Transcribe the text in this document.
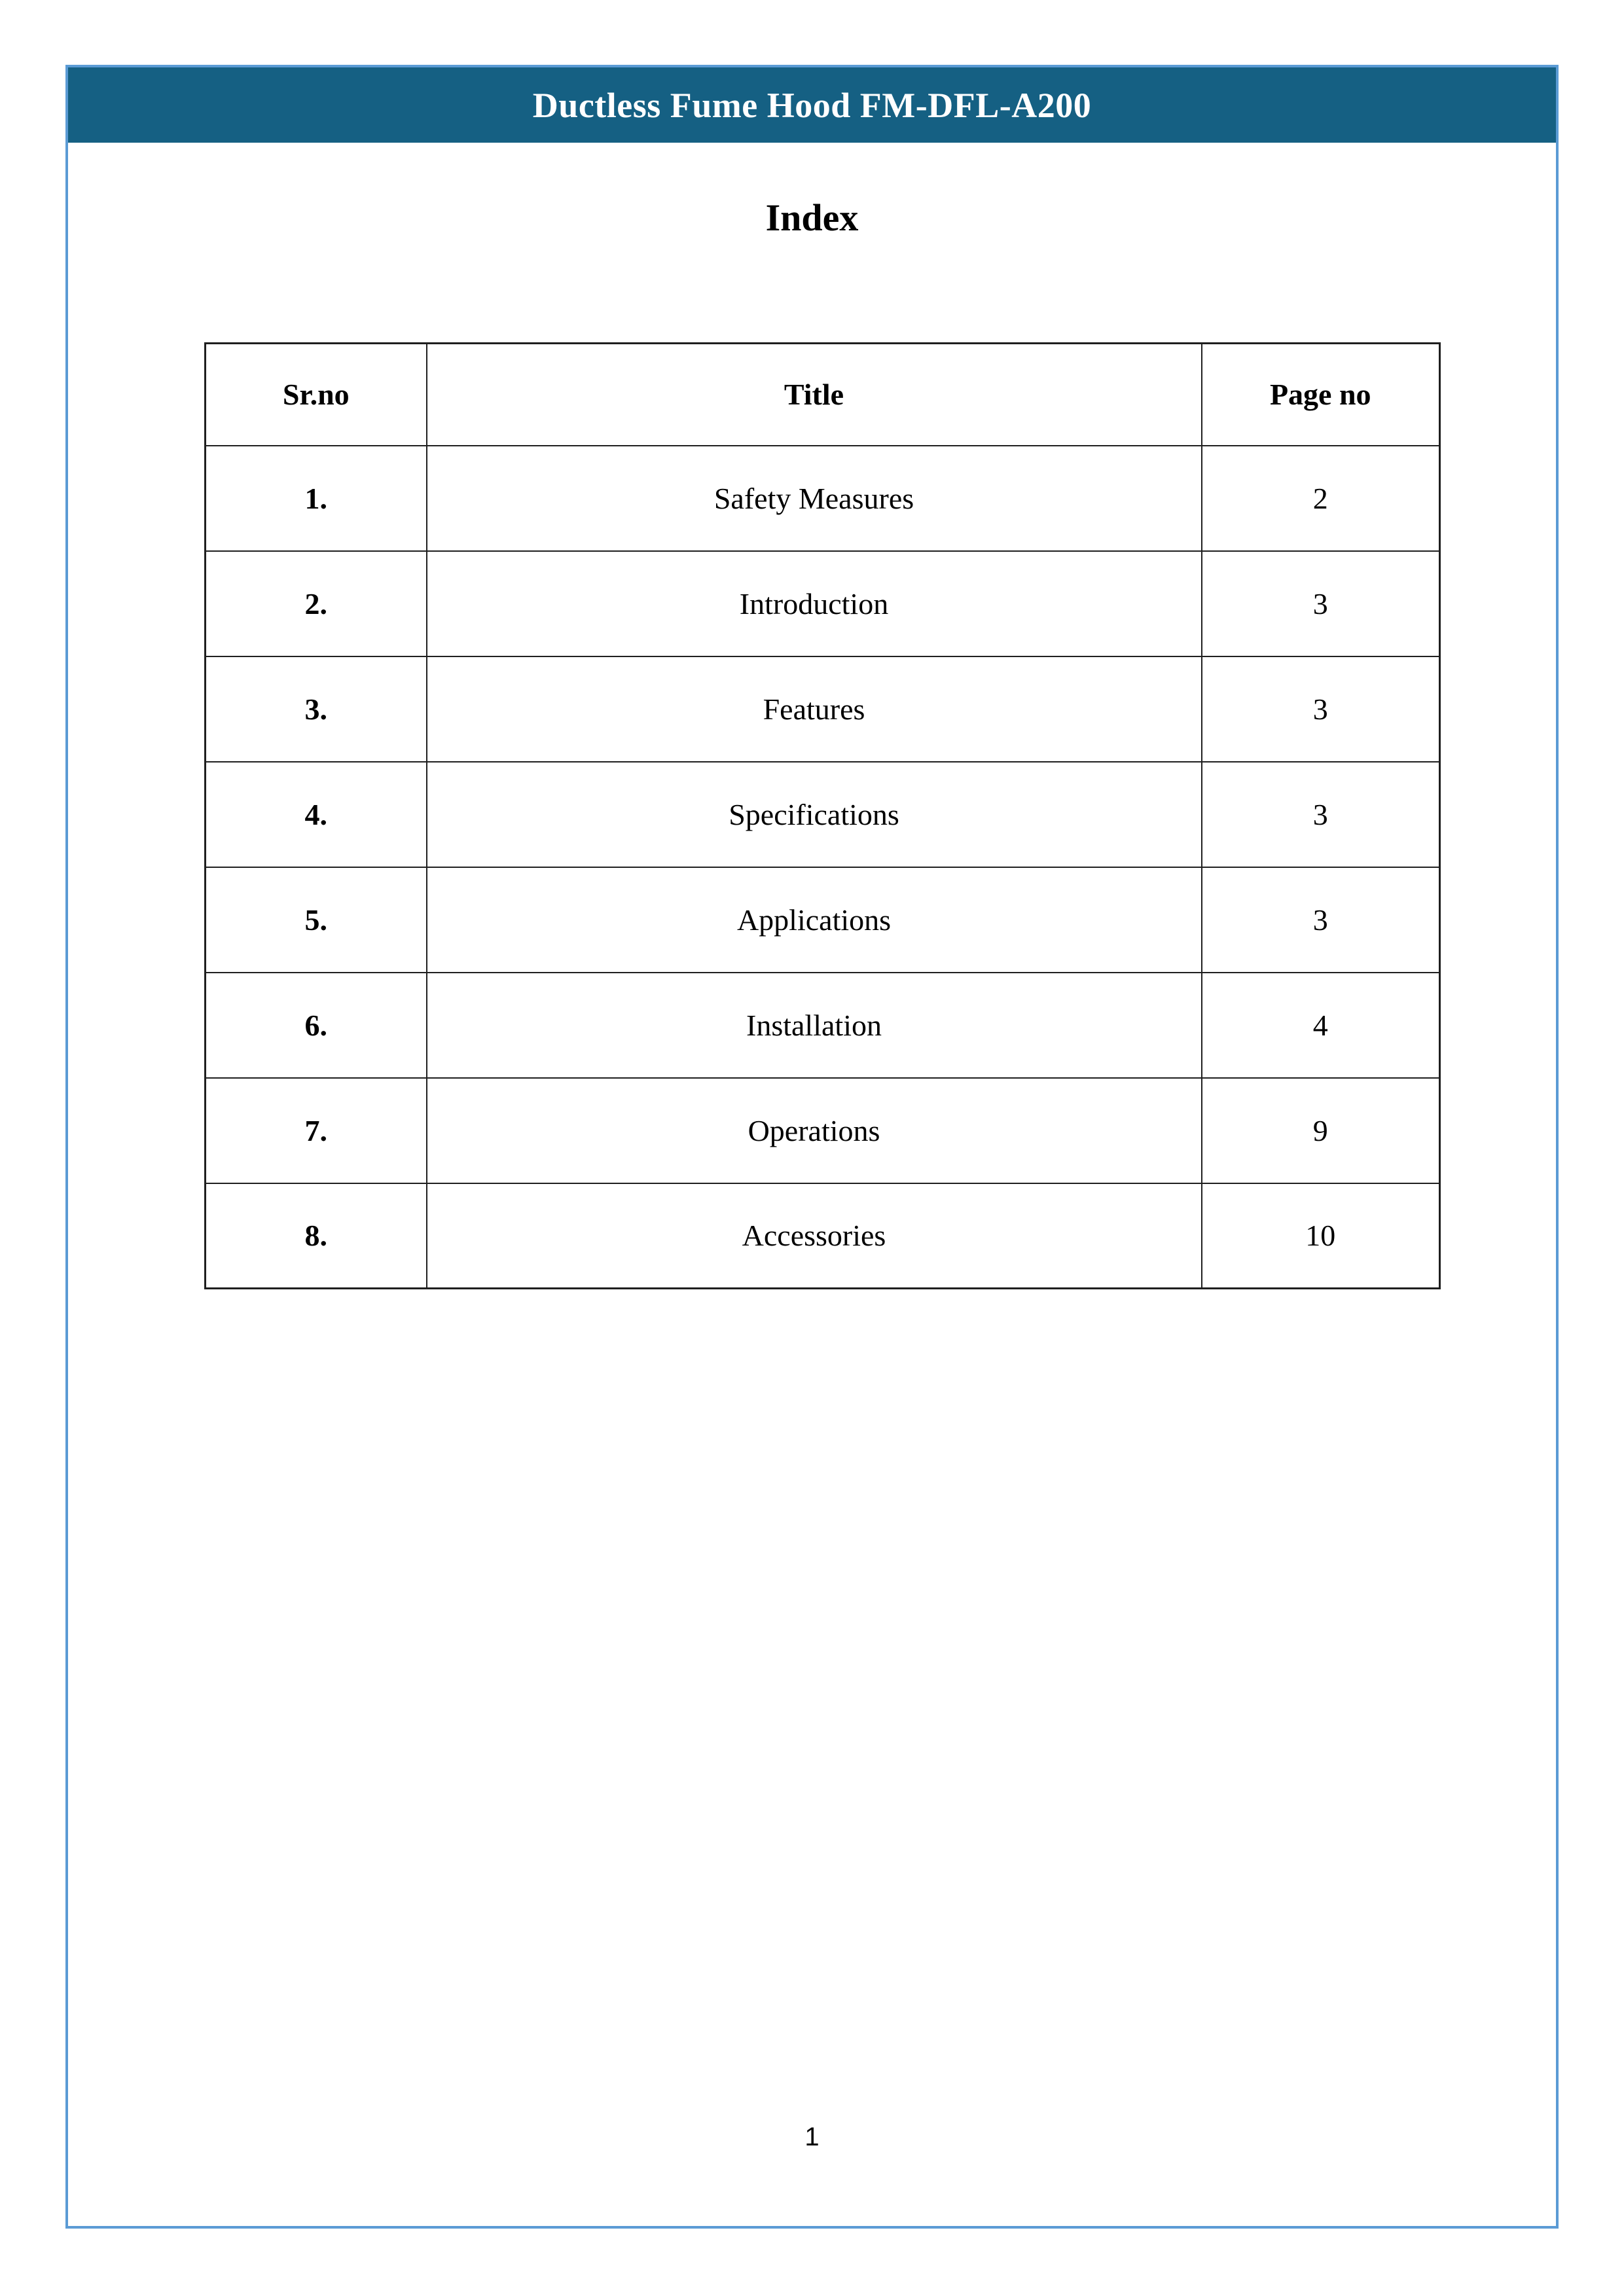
Ductless Fume Hood FM-DFL-A200
Index
Sr.no	Title	Page no
1.	Safety Measures	2
2.	Introduction	3
3.	Features	3
4.	Specifications	3
5.	Applications	3
6.	Installation	4
7.	Operations	9
8.	Accessories	10
1
